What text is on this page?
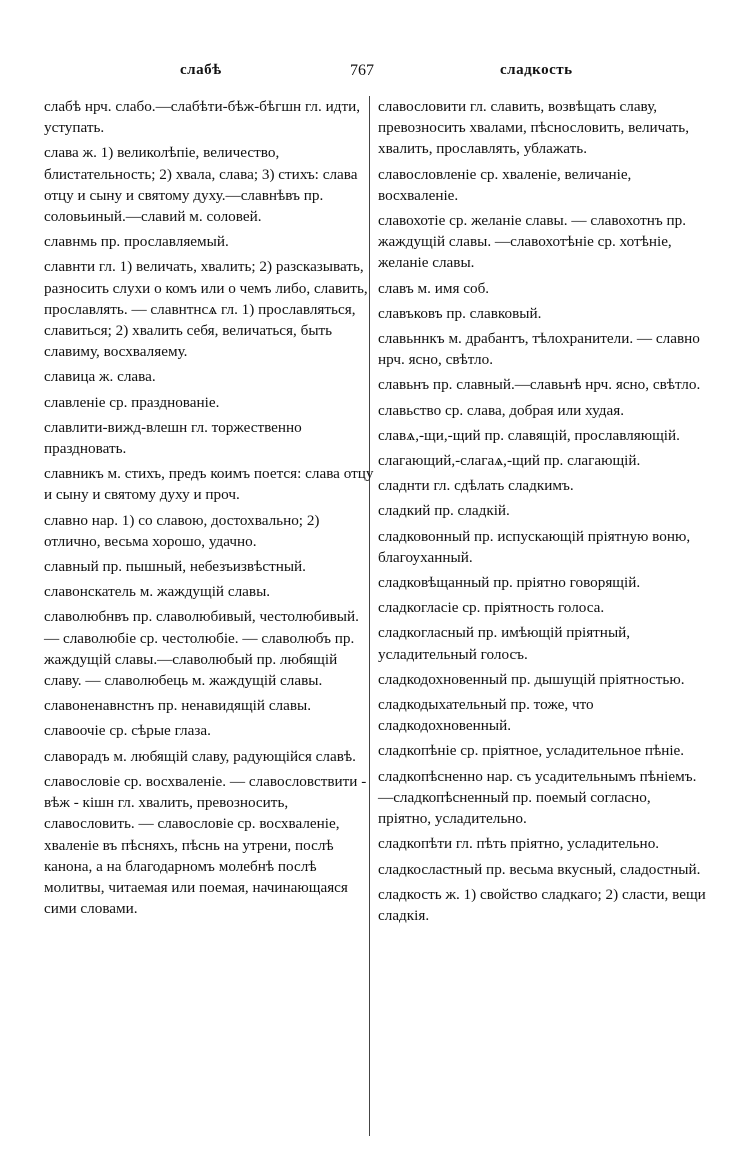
слабѣ	767	сладкость

слабѣ нрч. слабо.—слабѣти-бѣж-бѣгшн гл. идти, уступать.

слава ж. 1) великолѣпіе, величество, блистательность; 2) хвала, слава; 3) стихъ: слава отцу и сыну и святому духу.—славнѣвъ пр. соловьиный.—славий м. соловей.

славнмь пр. прославляемый.

славнти гл. 1) величать, хвалить; 2) разсказывать, разносить слухи о комъ или о чемъ либо, славить, прославлять. — славнтнсѧ гл. 1) прославляться, славиться; 2) хвалить себя, величаться, быть славиму, восхваляему.

славица ж. слава.

славленіе ср. празднованіе.

славлити-вижд-влешн гл. торжественно праздновать.

славникъ м. стихъ, предъ коимъ поется: слава отцу и сыну и святому духу и проч.

славно нар. 1) со славою, достохвально; 2) отлично, весьма хорошо, удачно.

славный пр. пышный, небезъизвѣстный.

славонскатель м. жаждущій славы.

славолюбнвъ пр. славолюбивый, честолюбивый. — славолюбіе ср. честолюбіе. — славолюбъ пр. жаждущій славы.—славолюбый пр. любящій славу. — славолюбець м. жаждущій славы.

славоненавнстнъ пр. ненавидящій славы.

славоочіе ср. сѣрые глаза.

славорадъ м. любящій славу, радующійся славѣ.

славословіе ср. восхваленіе. — славословствити - вѣж - кішн гл. хвалить, превозносить, славословить. — славословіе ср. восхваленіе, хваленіе въ пѣсняхъ, пѣснь на утрени, послѣ канона, а на благодарномъ молебнѣ послѣ молитвы, читаемая или поемая, начинающаяся сими словами.

славословити гл. славить, возвѣщать славу, превозносить хвалами, пѣснословить, величать, хвалить, прославлять, ублажать.

славословленіе ср. хваленіе, величаніе, восхваленіе.

славохотіе ср. желаніе славы. — славохотнъ пр. жаждущій славы. —славохотѣніе ср. хотѣніе, желаніе славы.

славъ м. имя соб.

славъковъ пр. славковый.

славьннкъ м. драбантъ, тѣлохранители. — славно нрч. ясно, свѣтло.

славьнъ пр. славный.—славьнѣ нрч. ясно, свѣтло.

славьство ср. слава, добрая или худая.

славѧ,-щи,-щий пр. славящій, прославляющій.

слагающий,-слагаѧ,-щий пр. слагающій.

сладнти гл. сдѣлать сладкимъ.

сладкий пр. сладкій.

сладковонный пр. испускающій пріятную воню, благоуханный.

сладковѣщанный пр. пріятно говорящій.

сладкогласіе ср. пріятность голоса.

сладкогласный пр. имѣющій пріятный, усладительный голосъ.

сладкодохновенный пр. дышущій пріятностью.

сладкодыхательный пр. тоже, что сладкодохновенный.

сладкопѣніе ср. пріятное, усладительное пѣніе.

сладкопѣсненно нар. съ усадительнымъ пѣніемъ.—сладкопѣсненный пр. поемый согласно, пріятно, усладительно.

сладкопѣти гл. пѣть пріятно, усладительно.

сладкосластный пр. весьма вкусный, сладостный.

сладкость ж. 1) свойство сладкаго; 2) сласти, вещи сладкія.
